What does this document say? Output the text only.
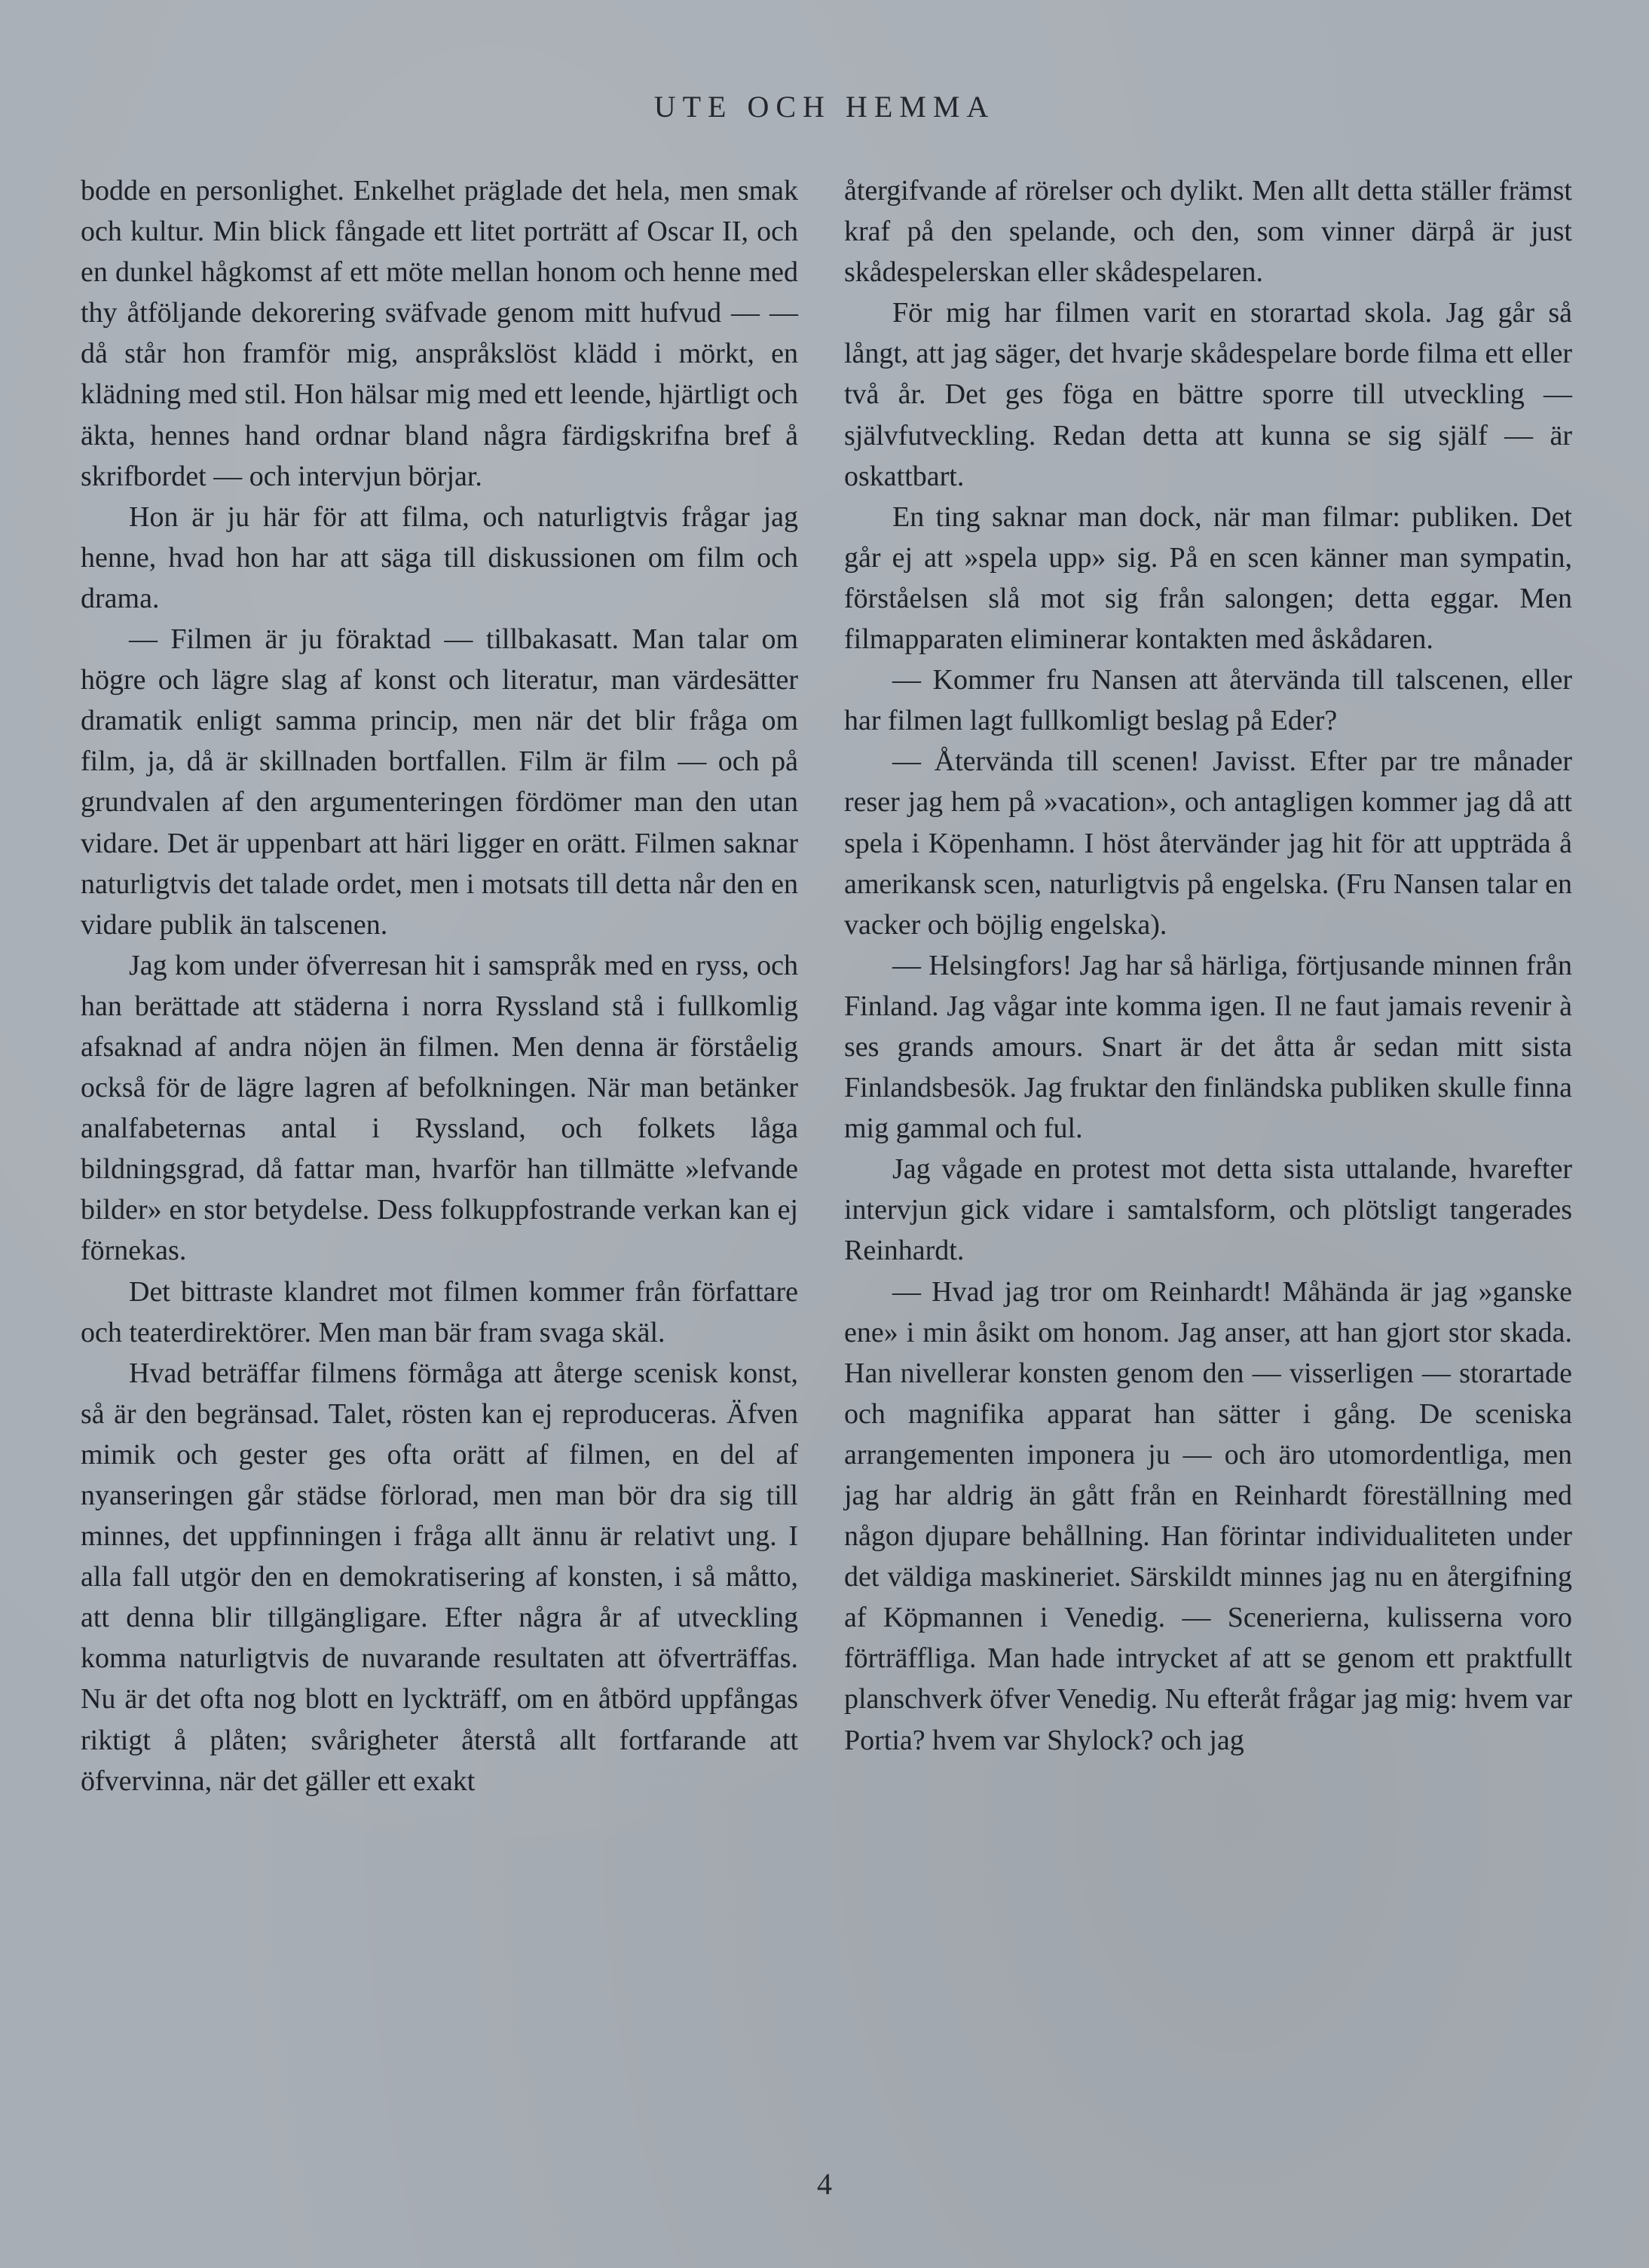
UTE OCH HEMMA

bodde en personlighet. Enkelhet präglade det hela, men smak och kultur. Min blick fångade ett litet porträtt af Oscar II, och en dunkel hågkomst af ett möte mellan honom och henne med thy åtföljande dekorering sväfvade genom mitt hufvud — — då står hon framför mig, anspråkslöst klädd i mörkt, en klädning med stil. Hon hälsar mig med ett leende, hjärtligt och äkta, hennes hand ordnar bland några färdigskrifna bref å skrifbordet — och intervjun börjar.

Hon är ju här för att filma, och naturligtvis frågar jag henne, hvad hon har att säga till diskussionen om film och drama.

— Filmen är ju föraktad — tillbakasatt. Man talar om högre och lägre slag af konst och literatur, man värdesätter dramatik enligt samma princip, men när det blir fråga om film, ja, då är skillnaden bortfallen. Film är film — och på grundvalen af den argumenteringen fördömer man den utan vidare. Det är uppenbart att häri ligger en orätt. Filmen saknar naturligtvis det talade ordet, men i motsats till detta når den en vidare publik än talscenen.

Jag kom under öfverresan hit i samspråk med en ryss, och han berättade att städerna i norra Ryssland stå i fullkomlig afsaknad af andra nöjen än filmen. Men denna är förståelig också för de lägre lagren af befolkningen. När man betänker analfabeternas antal i Ryssland, och folkets låga bildningsgrad, då fattar man, hvarför han tillmätte »lefvande bilder» en stor betydelse. Dess folkuppfostrande verkan kan ej förnekas.

Det bittraste klandret mot filmen kommer från författare och teaterdirektörer. Men man bär fram svaga skäl.

Hvad beträffar filmens förmåga att återge scenisk konst, så är den begränsad. Talet, rösten kan ej reproduceras. Äfven mimik och gester ges ofta orätt af filmen, en del af nyanseringen går städse förlorad, men man bör dra sig till minnes, det uppfinningen i fråga allt ännu är relativt ung. I alla fall utgör den en demokratisering af konsten, i så måtto, att denna blir tillgängligare. Efter några år af utveckling komma naturligtvis de nuvarande resultaten att öfverträffas. Nu är det ofta nog blott en lyckträff, om en åtbörd uppfångas riktigt å plåten; svårigheter återstå allt fortfarande att öfvervinna, när det gäller ett exakt

återgifvande af rörelser och dylikt. Men allt detta ställer främst kraf på den spelande, och den, som vinner därpå är just skådespelerskan eller skådespelaren.

För mig har filmen varit en storartad skola. Jag går så långt, att jag säger, det hvarje skådespelare borde filma ett eller två år. Det ges föga en bättre sporre till utveckling — självfutveckling. Redan detta att kunna se sig själf — är oskattbart.

En ting saknar man dock, när man filmar: publiken. Det går ej att »spela upp» sig. På en scen känner man sympatin, förståelsen slå mot sig från salongen; detta eggar. Men filmapparaten eliminerar kontakten med åskådaren.

— Kommer fru Nansen att återvända till talscenen, eller har filmen lagt fullkomligt beslag på Eder?

— Återvända till scenen! Javisst. Efter par tre månader reser jag hem på »vacation», och antagligen kommer jag då att spela i Köpenhamn. I höst återvänder jag hit för att uppträda å amerikansk scen, naturligtvis på engelska. (Fru Nansen talar en vacker och böjlig engelska).

— Helsingfors! Jag har så härliga, förtjusande minnen från Finland. Jag vågar inte komma igen. Il ne faut jamais revenir à ses grands amours. Snart är det åtta år sedan mitt sista Finlandsbesök. Jag fruktar den finländska publiken skulle finna mig gammal och ful.

Jag vågade en protest mot detta sista uttalande, hvarefter intervjun gick vidare i samtalsform, och plötsligt tangerades Reinhardt.

— Hvad jag tror om Reinhardt! Måhända är jag »ganske ene» i min åsikt om honom. Jag anser, att han gjort stor skada. Han nivellerar konsten genom den — visserligen — storartade och magnifika apparat han sätter i gång. De sceniska arrangementen imponera ju — och äro utomordentliga, men jag har aldrig än gått från en Reinhardt föreställning med någon djupare behållning. Han förintar individualiteten under det väldiga maskineriet. Särskildt minnes jag nu en återgifning af Köpmannen i Venedig. — Scenerierna, kulisserna voro förträffliga. Man hade intrycket af att se genom ett praktfullt planschverk öfver Venedig. Nu efteråt frågar jag mig: hvem var Portia? hvem var Shylock? och jag

4
